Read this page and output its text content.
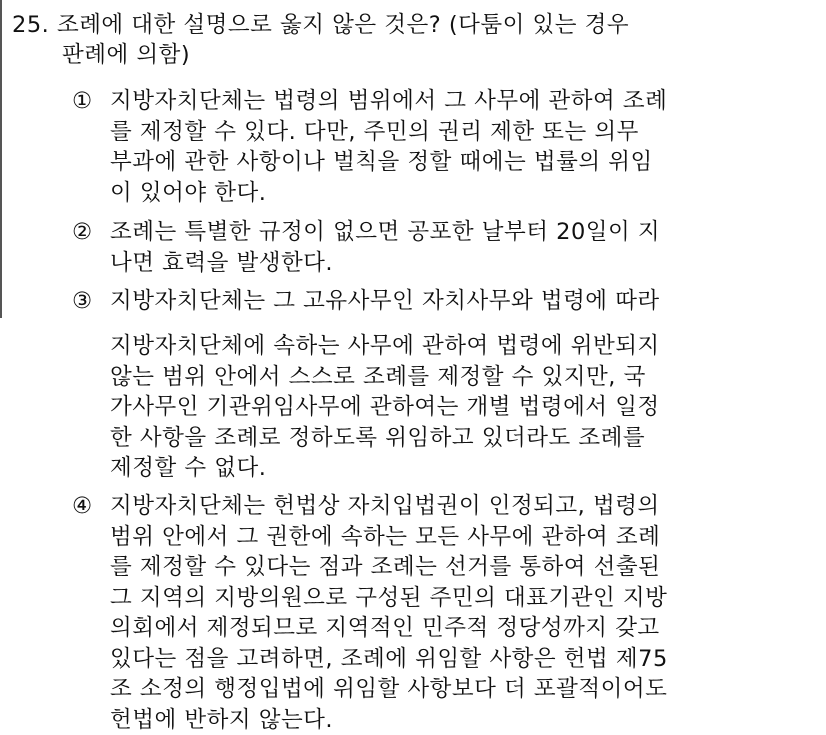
25. 조례에 대한 설명으로 옳지 않은 것은? (다툼이 있는 경우
판례에 의함)
① 지방자치단체는 법령의 범위에서 그 사무에 관하여 조례
를 제정할 수 있다. 다만, 주민의 권리 제한 또는 의무
부과에 관한 사항이나 벌칙을 정할 때에는 법률의 위임
이 있어야 한다.
② 조례는 특별한 규정이 없으면 공포한 날부터 20일이 지
나면 효력을 발생한다.
③ 지방자치단체는 그 고유사무인 자치사무와 법령에 따라
지방자치단체에 속하는 사무에 관하여 법령에 위반되지
않는 범위 안에서 스스로 조례를 제정할 수 있지만, 국
가사무인 기관위임사무에 관하여는 개별 법령에서 일정
한 사항을 조례로 정하도록 위임하고 있더라도 조례를
제정할 수 없다.
④ 지방자치단체는 헌법상 자치입법권이 인정되고, 법령의
범위 안에서 그 권한에 속하는 모든 사무에 관하여 조례
를 제정할 수 있다는 점과 조례는 선거를 통하여 선출된
그 지역의 지방의원으로 구성된 주민의 대표기관인 지방
의회에서 제정되므로 지역적인 민주적 정당성까지 갖고
있다는 점을 고려하면, 조례에 위임할 사항은 헌법 제75
조 소정의 행정입법에 위임할 사항보다 더 포괄적이어도
헌법에 반하지 않는다.
